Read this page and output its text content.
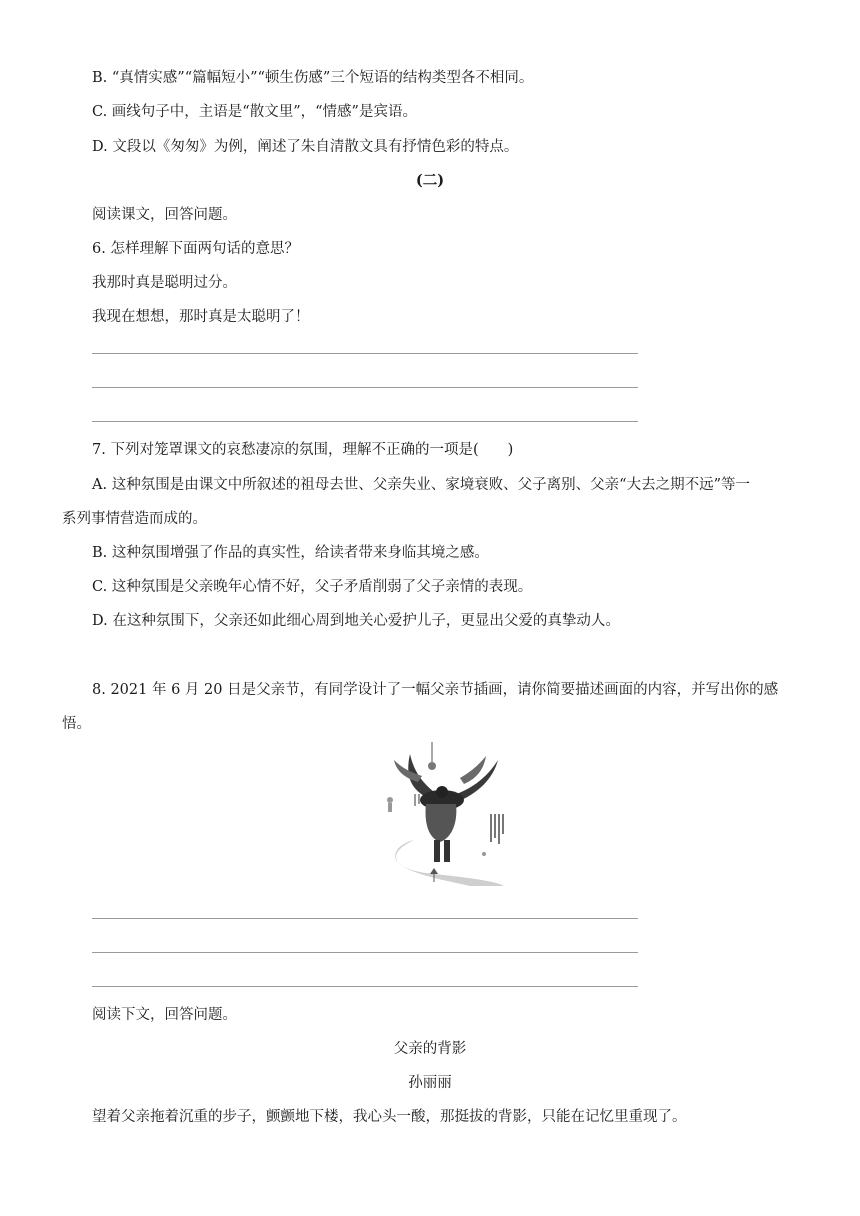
B. “真情实感”“篇幅短小”“顿生伤感”三个短语的结构类型各不相同。
C. 画线句子中，主语是“散文里”，“情感”是宾语。
D. 文段以《匆匆》为例，阐述了朱自清散文具有抒情色彩的特点。
(二)
阅读课文，回答问题。
6. 怎样理解下面两句话的意思？
我那时真是聪明过分。
我现在想想，那时真是太聪明了！
7. 下列对笼罩课文的哀愁凄凉的氛围，理解不正确的一项是(　　)
A. 这种氛围是由课文中所叙述的祖母去世、父亲失业、家境衰败、父子离别、父亲“大去之期不远”等一
系列事情营造而成的。
B. 这种氛围增强了作品的真实性，给读者带来身临其境之感。
C. 这种氛围是父亲晚年心情不好，父子矛盾削弱了父子亲情的表现。
D. 在这种氛围下，父亲还如此细心周到地关心爱护儿子，更显出父爱的真挚动人。
8. 2021 年 6 月 20 日是父亲节，有同学设计了一幅父亲节插画，请你简要描述画面的内容，并写出你的感
悟。
阅读下文，回答问题。
父亲的背影
孙丽丽
望着父亲拖着沉重的步子，颤颤地下楼，我心头一酸，那挺拔的背影，只能在记忆里重现了。
